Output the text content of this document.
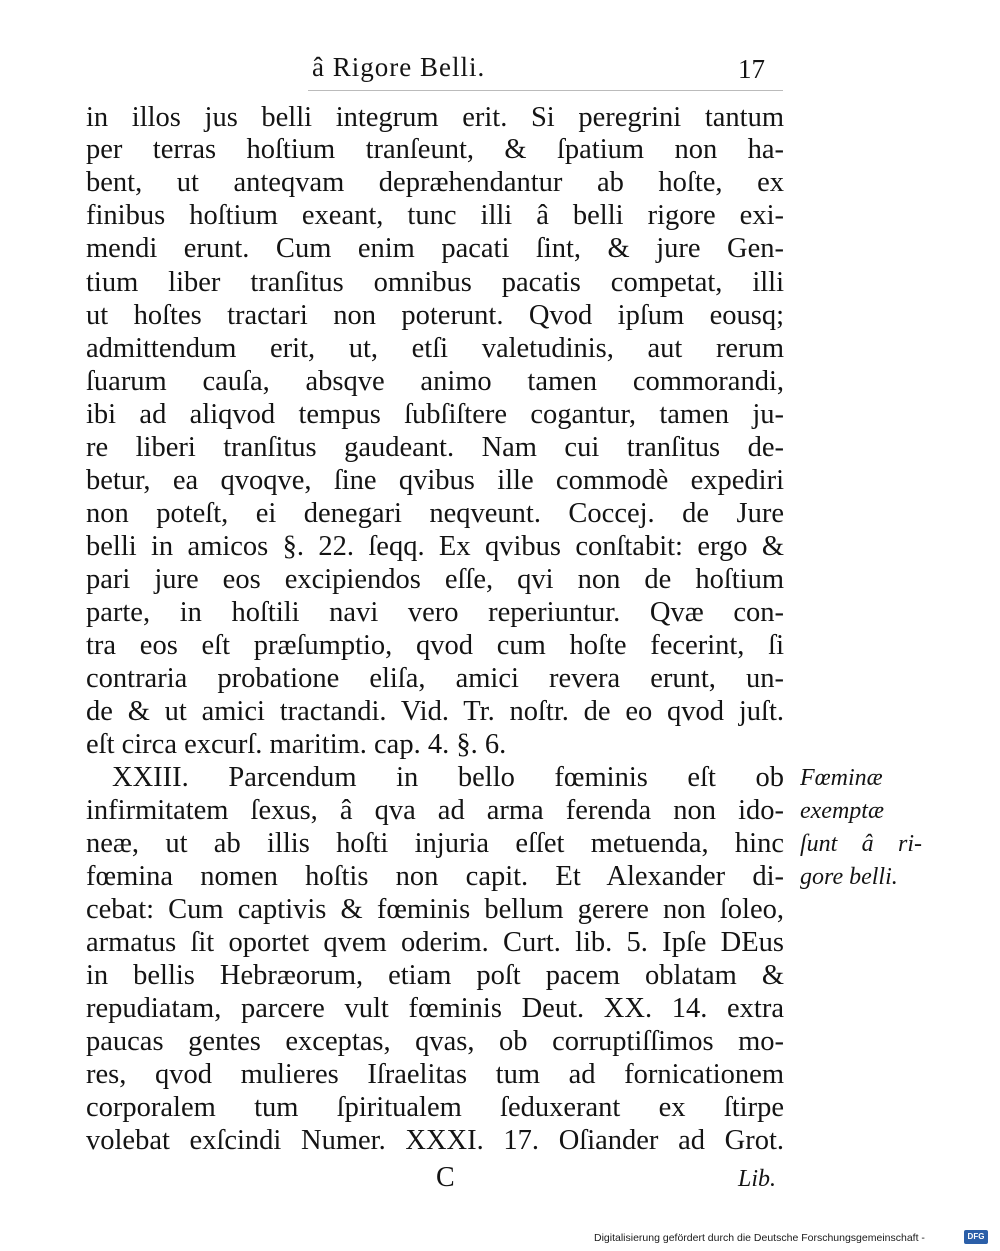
â Rigore Belli.	17
in illos jus belli integrum erit. Si peregrini tantum
per terras hoſtium tranſeunt, & ſpatium non ha-
bent, ut anteqvam depræhendantur ab hoſte, ex
finibus hoſtium exeant, tunc illi â belli rigore exi-
mendi erunt. Cum enim pacati ſint, & jure Gen-
tium liber tranſitus omnibus pacatis competat, illi
ut hoſtes tractari non poterunt. Qvod ipſum eousq;
admittendum erit, ut, etſi valetudinis, aut rerum
ſuarum cauſa, absqve animo tamen commorandi,
ibi ad aliqvod tempus ſubſiſtere cogantur, tamen ju-
re liberi tranſitus gaudeant. Nam cui tranſitus de-
betur, ea qvoqve, ſine qvibus ille commodè expediri
non poteſt, ei denegari neqveunt. Coccej. de Jure
belli in amicos §. 22. ſeqq. Ex qvibus conſtabit: ergo &
pari jure eos excipiendos eſſe, qvi non de hoſtium
parte, in hoſtili navi vero reperiuntur. Qvæ con-
tra eos eſt præſumptio, qvod cum hoſte fecerint, ſi
contraria probatione eliſa, amici revera erunt, un-
de & ut amici tractandi. Vid. Tr. noſtr. de eo qvod juſt.
eſt circa excurſ. maritim. cap. 4. §. 6.
XXIII. Parcendum in bello fœminis eſt ob
infirmitatem ſexus, â qva ad arma ferenda non ido-
neæ, ut ab illis hoſti injuria eſſet metuenda, hinc
fœmina nomen hoſtis non capit. Et Alexander di-
cebat: Cum captivis & fœminis bellum gerere non ſoleo,
armatus ſit oportet qvem oderim. Curt. lib. 5. Ipſe DEus
in bellis Hebræorum, etiam poſt pacem oblatam &
repudiatam, parcere vult fœminis Deut. XX. 14. extra
paucas gentes exceptas, qvas, ob corruptiſſimos mo-
res, qvod mulieres Iſraelitas tum ad fornicationem
corporalem tum ſpiritualem ſeduxerant ex ſtirpe
volebat exſcindi Numer. XXXI. 17. Oſiander ad Grot.
Fœminæ
exemptæ
ſunt â ri-
gore belli.
C	Lib.
Digitalisierung gefördert durch die Deutsche Forschungsgemeinschaft -	DFG
